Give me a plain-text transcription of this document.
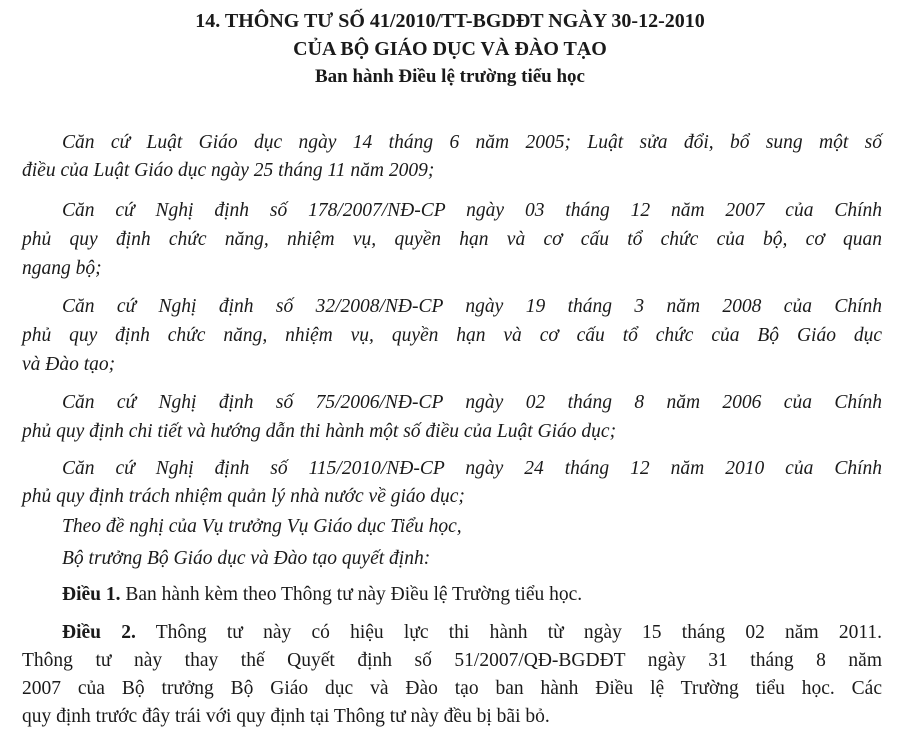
14. THÔNG TƯ SỐ 41/2010/TT-BGDĐT NGÀY 30-12-2010
CỦA BỘ GIÁO DỤC VÀ ĐÀO TẠO
Ban hành Điều lệ trường tiểu học
Căn cứ Luật Giáo dục ngày 14 tháng 6 năm 2005; Luật sửa đổi, bổ sung một số
điều của Luật Giáo dục ngày 25 tháng 11 năm 2009;
Căn cứ Nghị định số 178/2007/NĐ-CP ngày 03 tháng 12 năm 2007 của Chính
phủ quy định chức năng, nhiệm vụ, quyền hạn và cơ cấu tổ chức của bộ, cơ quan
ngang bộ;
Căn cứ Nghị định số 32/2008/NĐ-CP ngày 19 tháng 3 năm 2008 của Chính
phủ quy định chức năng, nhiệm vụ, quyền hạn và cơ cấu tổ chức của Bộ Giáo dục
và Đào tạo;
Căn cứ Nghị định số 75/2006/NĐ-CP ngày 02 tháng 8 năm 2006 của Chính
phủ quy định chi tiết và hướng dẫn thi hành một số điều của Luật Giáo dục;
Căn cứ Nghị định số 115/2010/NĐ-CP ngày 24 tháng 12 năm 2010 của Chính
phủ quy định trách nhiệm quản lý nhà nước về giáo dục;
Theo đề nghị của Vụ trưởng Vụ Giáo dục Tiểu học,
Bộ trưởng Bộ Giáo dục và Đào tạo quyết định:
Điều 1. Ban hành kèm theo Thông tư này Điều lệ Trường tiểu học.
Điều 2. Thông tư này có hiệu lực thi hành từ ngày 15 tháng 02 năm 2011.
Thông tư này thay thế Quyết định số 51/2007/QĐ-BGDĐT ngày 31 tháng 8 năm
2007 của Bộ trưởng Bộ Giáo dục và Đào tạo ban hành Điều lệ Trường tiểu học. Các
quy định trước đây trái với quy định tại Thông tư này đều bị bãi bỏ.
